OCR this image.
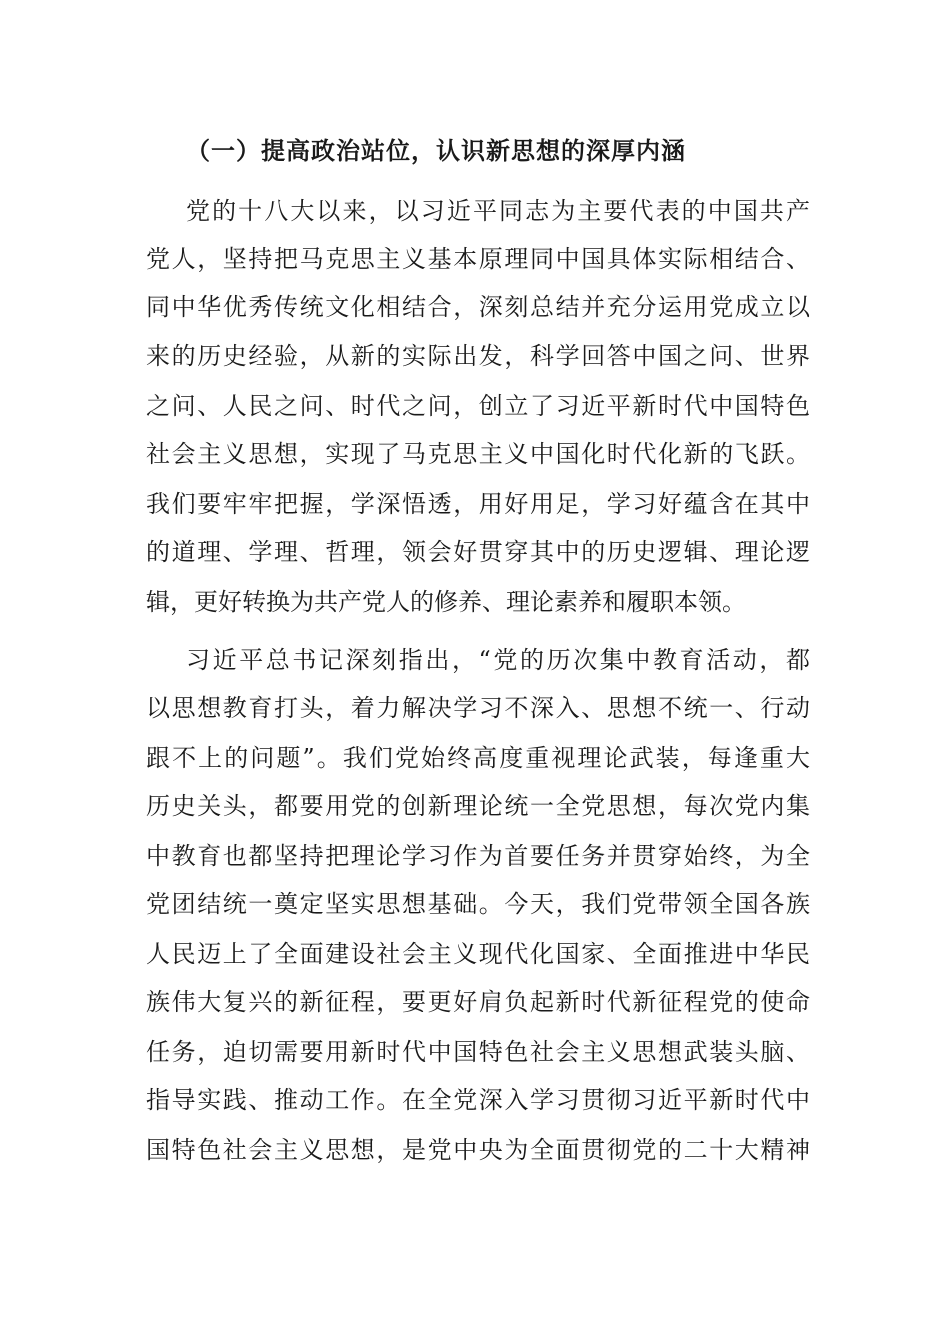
（一）提高政治站位，认识新思想的深厚内涵
党的十八大以来，以习近平同志为主要代表的中国共产
党人，坚持把马克思主义基本原理同中国具体实际相结合、
同中华优秀传统文化相结合，深刻总结并充分运用党成立以
来的历史经验，从新的实际出发，科学回答中国之问、世界
之问、人民之问、时代之问，创立了习近平新时代中国特色
社会主义思想，实现了马克思主义中国化时代化新的飞跃。
我们要牢牢把握，学深悟透，用好用足，学习好蕴含在其中
的道理、学理、哲理，领会好贯穿其中的历史逻辑、理论逻
辑，更好转换为共产党人的修养、理论素养和履职本领。
习近平总书记深刻指出，“党的历次集中教育活动，都
以思想教育打头，着力解决学习不深入、思想不统一、行动
跟不上的问题”。我们党始终高度重视理论武装，每逢重大
历史关头，都要用党的创新理论统一全党思想，每次党内集
中教育也都坚持把理论学习作为首要任务并贯穿始终，为全
党团结统一奠定坚实思想基础。今天，我们党带领全国各族
人民迈上了全面建设社会主义现代化国家、全面推进中华民
族伟大复兴的新征程，要更好肩负起新时代新征程党的使命
任务，迫切需要用新时代中国特色社会主义思想武装头脑、
指导实践、推动工作。在全党深入学习贯彻习近平新时代中
国特色社会主义思想，是党中央为全面贯彻党的二十大精神
